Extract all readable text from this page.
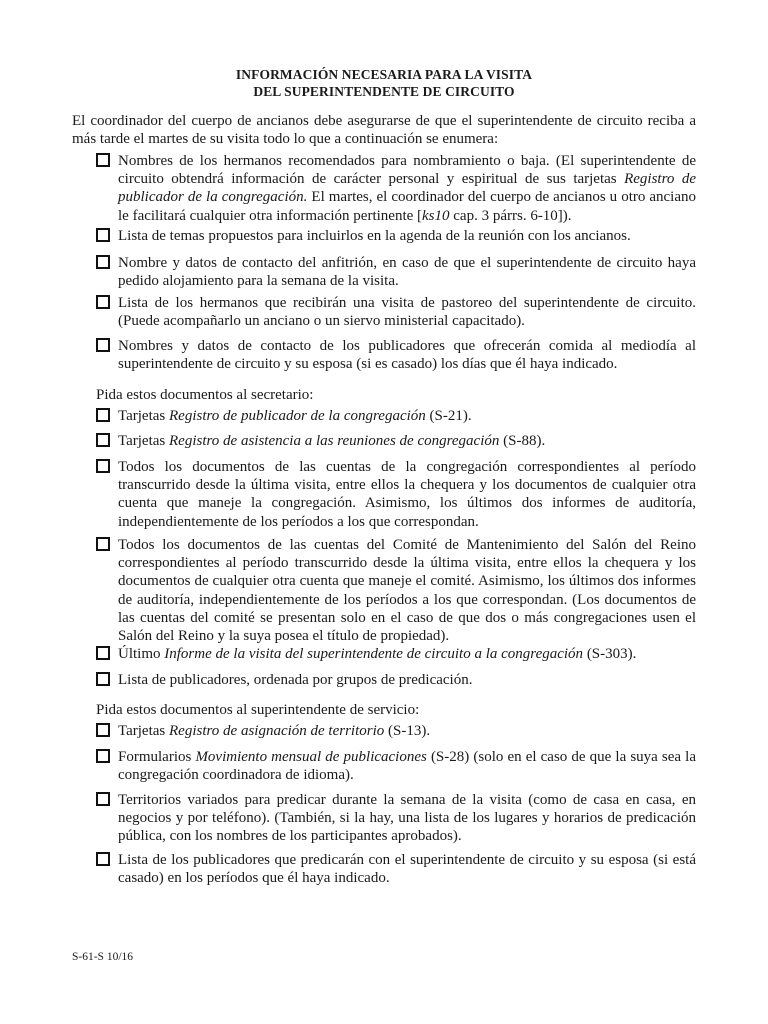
INFORMACIÓN NECESARIA PARA LA VISITA
DEL SUPERINTENDENTE DE CIRCUITO
El coordinador del cuerpo de ancianos debe asegurarse de que el superintendente de circuito reciba a más tarde el martes de su visita todo lo que a continuación se enumera:
Nombres de los hermanos recomendados para nombramiento o baja. (El superintendente de circuito obtendrá información de carácter personal y espiritual de sus tarjetas Registro de publicador de la congregación. El martes, el coordinador del cuerpo de ancianos u otro anciano le facilitará cualquier otra información pertinente [ks10 cap. 3 párrs. 6-10]).
Lista de temas propuestos para incluirlos en la agenda de la reunión con los ancianos.
Nombre y datos de contacto del anfitrión, en caso de que el superintendente de circuito haya pedido alojamiento para la semana de la visita.
Lista de los hermanos que recibirán una visita de pastoreo del superintendente de circuito. (Puede acompañarlo un anciano o un siervo ministerial capacitado).
Nombres y datos de contacto de los publicadores que ofrecerán comida al mediodía al superintendente de circuito y su esposa (si es casado) los días que él haya indicado.
Pida estos documentos al secretario:
Tarjetas Registro de publicador de la congregación (S-21).
Tarjetas Registro de asistencia a las reuniones de congregación (S-88).
Todos los documentos de las cuentas de la congregación correspondientes al período transcurrido desde la última visita, entre ellos la chequera y los documentos de cualquier otra cuenta que maneje la congregación. Asimismo, los últimos dos informes de auditoría, independientemente de los períodos a los que correspondan.
Todos los documentos de las cuentas del Comité de Mantenimiento del Salón del Reino correspondientes al período transcurrido desde la última visita, entre ellos la chequera y los documentos de cualquier otra cuenta que maneje el comité. Asimismo, los últimos dos informes de auditoría, independientemente de los períodos a los que correspondan. (Los documentos de las cuentas del comité se presentan solo en el caso de que dos o más congregaciones usen el Salón del Reino y la suya posea el título de propiedad).
Último Informe de la visita del superintendente de circuito a la congregación (S-303).
Lista de publicadores, ordenada por grupos de predicación.
Pida estos documentos al superintendente de servicio:
Tarjetas Registro de asignación de territorio (S-13).
Formularios Movimiento mensual de publicaciones (S-28) (solo en el caso de que la suya sea la congregación coordinadora de idioma).
Territorios variados para predicar durante la semana de la visita (como de casa en casa, en negocios y por teléfono). (También, si la hay, una lista de los lugares y horarios de predicación pública, con los nombres de los participantes aprobados).
Lista de los publicadores que predicarán con el superintendente de circuito y su esposa (si está casado) en los períodos que él haya indicado.
S-61-S 10/16
